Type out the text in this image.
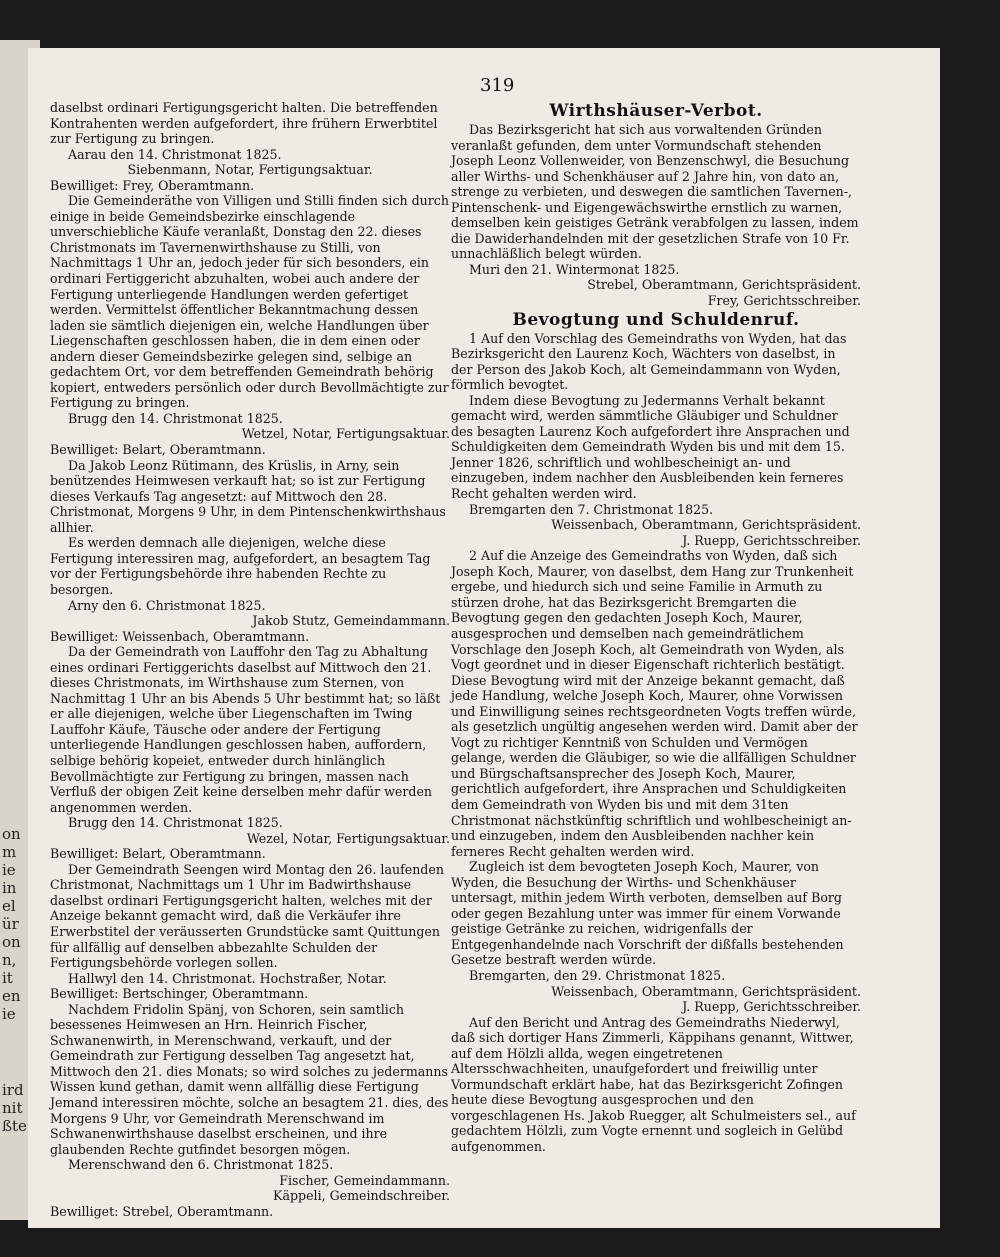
on
m
ie
in
el
ür
on
n,
it
en
ie
ird
nit
ßte
319

daselbst ordinari Fertigungsgericht halten. Die betreffenden Kontrahenten werden aufgefordert, ihre frühern Erwerbtitel zur Fertigung zu bringen.

Aarau den 14. Christmonat 1825.

Siebenmann, Notar, Fertigungsaktuar.

Bewilliget: Frey, Oberamtmann.

Die Gemeinderäthe von Villigen und Stilli finden sich durch einige in beide Gemeindsbezirke einschlagende unverschiebliche Käufe veranlaßt, Donstag den 22. dieses Christmonats im Tavernenwirthshause zu Stilli, von Nachmittags 1 Uhr an, jedoch jeder für sich besonders, ein ordinari Fertiggericht abzuhalten, wobei auch andere der Fertigung unterliegende Handlungen werden gefertiget werden. Vermittelst öffentlicher Bekanntmachung dessen laden sie sämtlich diejenigen ein, welche Handlungen über Liegenschaften geschlossen haben, die in dem einen oder andern dieser Gemeindsbezirke gelegen sind, selbige an gedachtem Ort, vor dem betreffenden Gemeindrath behörig kopiert, entweders persönlich oder durch Bevollmächtigte zur Fertigung zu bringen.

Brugg den 14. Christmonat 1825.

Wetzel, Notar, Fertigungsaktuar.

Bewilliget: Belart, Oberamtmann.

Da Jakob Leonz Rütimann, des Krüslis, in Arny, sein benützendes Heimwesen verkauft hat; so ist zur Fertigung dieses Verkaufs Tag angesetzt: auf Mittwoch den 28. Christmonat, Morgens 9 Uhr, in dem Pintenschenkwirthshaus allhier.

Es werden demnach alle diejenigen, welche diese Fertigung interessiren mag, aufgefordert, an besagtem Tag vor der Fertigungsbehörde ihre habenden Rechte zu besorgen.

Arny den 6. Christmonat 1825.

Jakob Stutz, Gemeindammann.

Bewilliget: Weissenbach, Oberamtmann.

Da der Gemeindrath von Lauffohr den Tag zu Abhaltung eines ordinari Fertiggerichts daselbst auf Mittwoch den 21. dieses Christmonats, im Wirthshause zum Sternen, von Nachmittag 1 Uhr an bis Abends 5 Uhr bestimmt hat; so läßt er alle diejenigen, welche über Liegenschaften im Twing Lauffohr Käufe, Täusche oder andere der Fertigung unterliegende Handlungen geschlossen haben, auffordern, selbige behörig kopeiet, entweder durch hinlänglich Bevollmächtigte zur Fertigung zu bringen, massen nach Verfluß der obigen Zeit keine derselben mehr dafür werden angenommen werden.

Brugg den 14. Christmonat 1825.

Wezel, Notar, Fertigungsaktuar.

Bewilliget: Belart, Oberamtmann.

Der Gemeindrath Seengen wird Montag den 26. laufenden Christmonat, Nachmittags um 1 Uhr im Badwirthshause daselbst ordinari Fertigungsgericht halten, welches mit der Anzeige bekannt gemacht wird, daß die Verkäufer ihre Erwerbstitel der veräusserten Grundstücke samt Quittungen für allfällig auf denselben abbezahlte Schulden der Fertigungsbehörde vorlegen sollen.

Hallwyl den 14. Christmonat. Hochstraßer, Notar.

Bewilliget: Bertschinger, Oberamtmann.

Nachdem Fridolin Spänj, von Schoren, sein samtlich besessenes Heimwesen an Hrn. Heinrich Fischer, Schwanenwirth, in Merenschwand, verkauft, und der Gemeindrath zur Fertigung desselben Tag angesetzt hat, Mittwoch den 21. dies Monats; so wird solches zu jedermanns Wissen kund gethan, damit wenn allfällig diese Fertigung Jemand interessiren möchte, solche an besagtem 21. dies, des Morgens 9 Uhr, vor Gemeindrath Merenschwand im Schwanenwirthshause daselbst erscheinen, und ihre glaubenden Rechte gutfindet besorgen mögen.

Merenschwand den 6. Christmonat 1825.

Fischer, Gemeindammann.

Käppeli, Gemeindschreiber.

Bewilliget: Strebel, Oberamtmann.

Wirthshäuser-Verbot.

Das Bezirksgericht hat sich aus vorwaltenden Gründen veranlaßt gefunden, dem unter Vormundschaft stehenden Joseph Leonz Vollenweider, von Benzenschwyl, die Besuchung aller Wirths- und Schenkhäuser auf 2 Jahre hin, von dato an, strenge zu verbieten, und deswegen die samtlichen Tavernen-, Pintenschenk- und Eigengewächswirthe ernstlich zu warnen, demselben kein geistiges Getränk verabfolgen zu lassen, indem die Dawiderhandelnden mit der gesetzlichen Strafe von 10 Fr. unnachläßlich belegt würden.

Muri den 21. Wintermonat 1825.

Strebel, Oberamtmann, Gerichtspräsident.

Frey, Gerichtsschreiber.

Bevogtung und Schuldenruf.

1 Auf den Vorschlag des Gemeindraths von Wyden, hat das Bezirksgericht den Laurenz Koch, Wächters von daselbst, in der Person des Jakob Koch, alt Gemeindammann von Wyden, förmlich bevogtet.

Indem diese Bevogtung zu Jedermanns Verhalt bekannt gemacht wird, werden sämmtliche Gläubiger und Schuldner des besagten Laurenz Koch aufgefordert ihre Ansprachen und Schuldigkeiten dem Gemeindrath Wyden bis und mit dem 15. Jenner 1826, schriftlich und wohlbescheinigt an- und einzugeben, indem nachher den Ausbleibenden kein ferneres Recht gehalten werden wird.

Bremgarten den 7. Christmonat 1825.

Weissenbach, Oberamtmann, Gerichtspräsident.

J. Ruepp, Gerichtsschreiber.

2 Auf die Anzeige des Gemeindraths von Wyden, daß sich Joseph Koch, Maurer, von daselbst, dem Hang zur Trunkenheit ergebe, und hiedurch sich und seine Familie in Armuth zu stürzen drohe, hat das Bezirksgericht Bremgarten die Bevogtung gegen den gedachten Joseph Koch, Maurer, ausgesprochen und demselben nach gemeindrätlichem Vorschlage den Joseph Koch, alt Gemeindrath von Wyden, als Vogt geordnet und in dieser Eigenschaft richterlich bestätigt. Diese Bevogtung wird mit der Anzeige bekannt gemacht, daß jede Handlung, welche Joseph Koch, Maurer, ohne Vorwissen und Einwilligung seines rechtsgeordneten Vogts treffen würde, als gesetzlich ungültig angesehen werden wird. Damit aber der Vogt zu richtiger Kenntniß von Schulden und Vermögen gelange, werden die Gläubiger, so wie die allfälligen Schuldner und Bürgschaftsansprecher des Joseph Koch, Maurer, gerichtlich aufgefordert, ihre Ansprachen und Schuldigkeiten dem Gemeindrath von Wyden bis und mit dem 31ten Christmonat nächstkünftig schriftlich und wohlbescheinigt an- und einzugeben, indem den Ausbleibenden nachher kein ferneres Recht gehalten werden wird.

Zugleich ist dem bevogteten Joseph Koch, Maurer, von Wyden, die Besuchung der Wirths- und Schenkhäuser untersagt, mithin jedem Wirth verboten, demselben auf Borg oder gegen Bezahlung unter was immer für einem Vorwande geistige Getränke zu reichen, widrigenfalls der Entgegenhandelnde nach Vorschrift der dißfalls bestehenden Gesetze bestraft werden würde.

Bremgarten, den 29. Christmonat 1825.

Weissenbach, Oberamtmann, Gerichtspräsident.

J. Ruepp, Gerichtsschreiber.

Auf den Bericht und Antrag des Gemeindraths Niederwyl, daß sich dortiger Hans Zimmerli, Käppihans genannt, Wittwer, auf dem Hölzli allda, wegen eingetretenen Altersschwachheiten, unaufgefordert und freiwillig unter Vormundschaft erklärt habe, hat das Bezirksgericht Zofingen heute diese Bevogtung ausgesprochen und den vorgeschlagenen Hs. Jakob Ruegger, alt Schulmeisters sel., auf gedachtem Hölzli, zum Vogte ernennt und sogleich in Gelübd aufgenommen.
